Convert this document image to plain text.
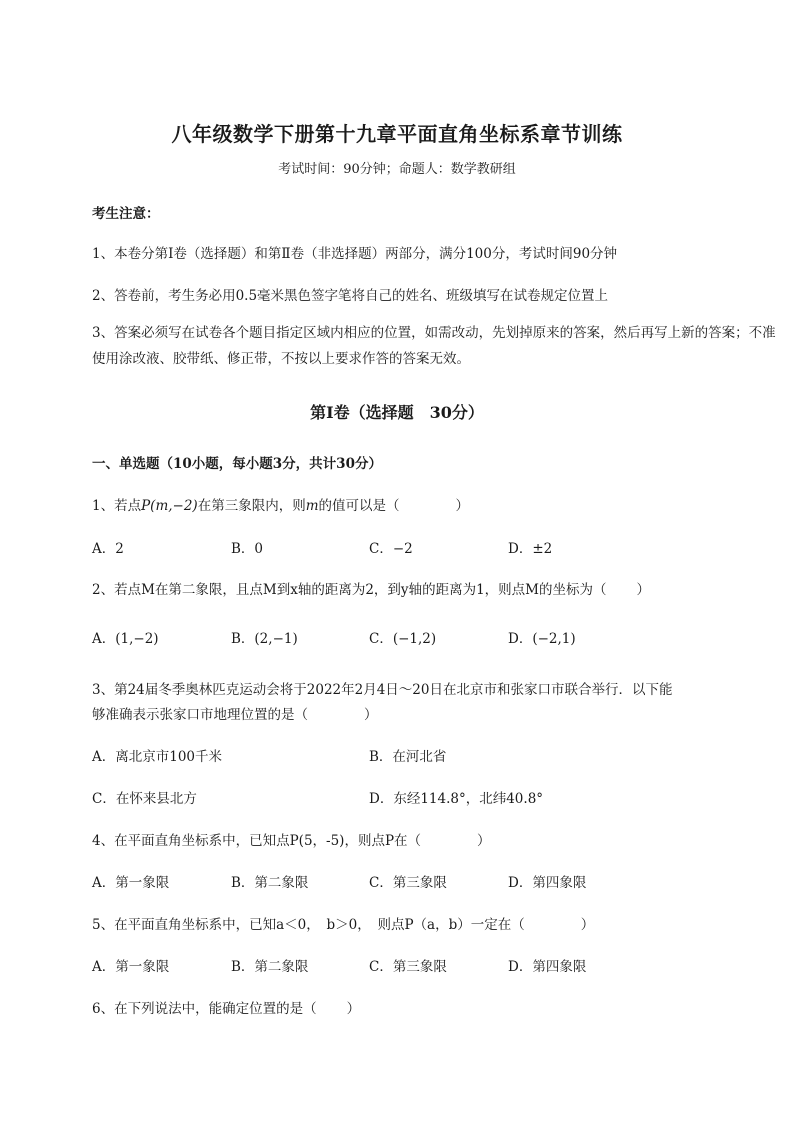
八年级数学下册第十九章平面直角坐标系章节训练
考试时间：90分钟；命题人：数学教研组
考生注意：
1、本卷分第I卷（选择题）和第Ⅱ卷（非选择题）两部分，满分100分，考试时间90分钟
2、答卷前，考生务必用0.5毫米黑色签字笔将自己的姓名、班级填写在试卷规定位置上
3、答案必须写在试卷各个题目指定区域内相应的位置，如需改动，先划掉原来的答案，然后再写上新的答案；不准使用涂改液、胶带纸、修正带，不按以上要求作答的答案无效。
第I卷（选择题　30分）
一、单选题（10小题，每小题3分，共计30分）
1、若点P(m,−2)在第三象限内，则m的值可以是（	）
A．2	B．0	C．−2	D．±2
2、若点M在第二象限，且点M到x轴的距离为2，到y轴的距离为1，则点M的坐标为（ ）
A．(1,−2)	B．(2,−1)	C．(−1,2)	D．(−2,1)
3、第24届冬季奥林匹克运动会将于2022年2月4日～20日在北京市和张家口市联合举行．以下能
够准确表示张家口市地理位置的是（	）
A．离北京市100千米	B．在河北省
C．在怀来县北方	D．东经114.8°，北纬40.8°
4、在平面直角坐标系中，已知点P(5，-5)，则点P在（	）
A．第一象限	B．第二象限	C．第三象限	D．第四象限
5、在平面直角坐标系中，已知a＜0，　b＞0，　则点P（a，b）一定在（	）
A．第一象限	B．第二象限	C．第三象限	D．第四象限
6、在下列说法中，能确定位置的是（ ）
